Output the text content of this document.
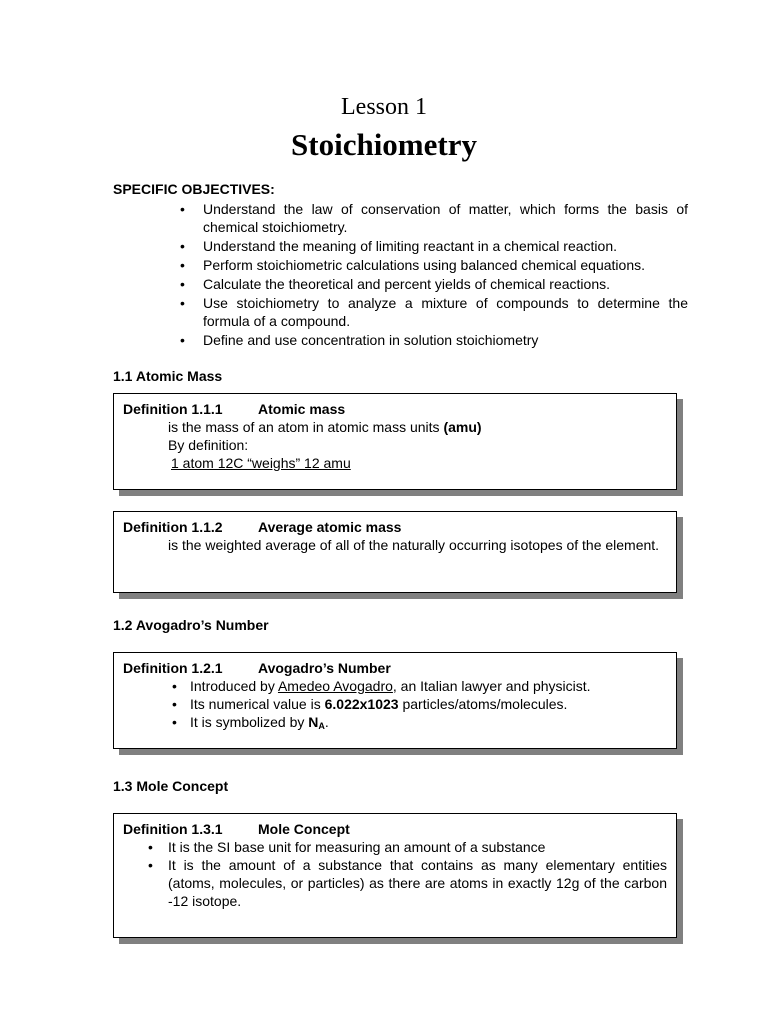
Lesson 1
Stoichiometry
SPECIFIC OBJECTIVES:
• Understand the law of conservation of matter, which forms the basis of chemical stoichiometry.
• Understand the meaning of limiting reactant in a chemical reaction.
• Perform stoichiometric calculations using balanced chemical equations.
• Calculate the theoretical and percent yields of chemical reactions.
• Use stoichiometry to analyze a mixture of compounds to determine the formula of a compound.
• Define and use concentration in solution stoichiometry
1.1 Atomic Mass
Definition 1.1.1	Atomic mass
is the mass of an atom in atomic mass units (amu)
By definition:
1 atom 12C “weighs” 12 amu
Definition 1.1.2	Average atomic mass
is the weighted average of all of the naturally occurring isotopes of the element.
1.2 Avogadro’s Number
Definition 1.2.1	Avogadro’s Number
• Introduced by Amedeo Avogadro, an Italian lawyer and physicist.
• Its numerical value is 6.022x1023 particles/atoms/molecules.
• It is symbolized by $N_A$.
1.3 Mole Concept
Definition 1.3.1	Mole Concept
• It is the SI base unit for measuring an amount of a substance
• It is the amount of a substance that contains as many elementary entities (atoms, molecules, or particles) as there are atoms in exactly 12g of the carbon -12 isotope.
